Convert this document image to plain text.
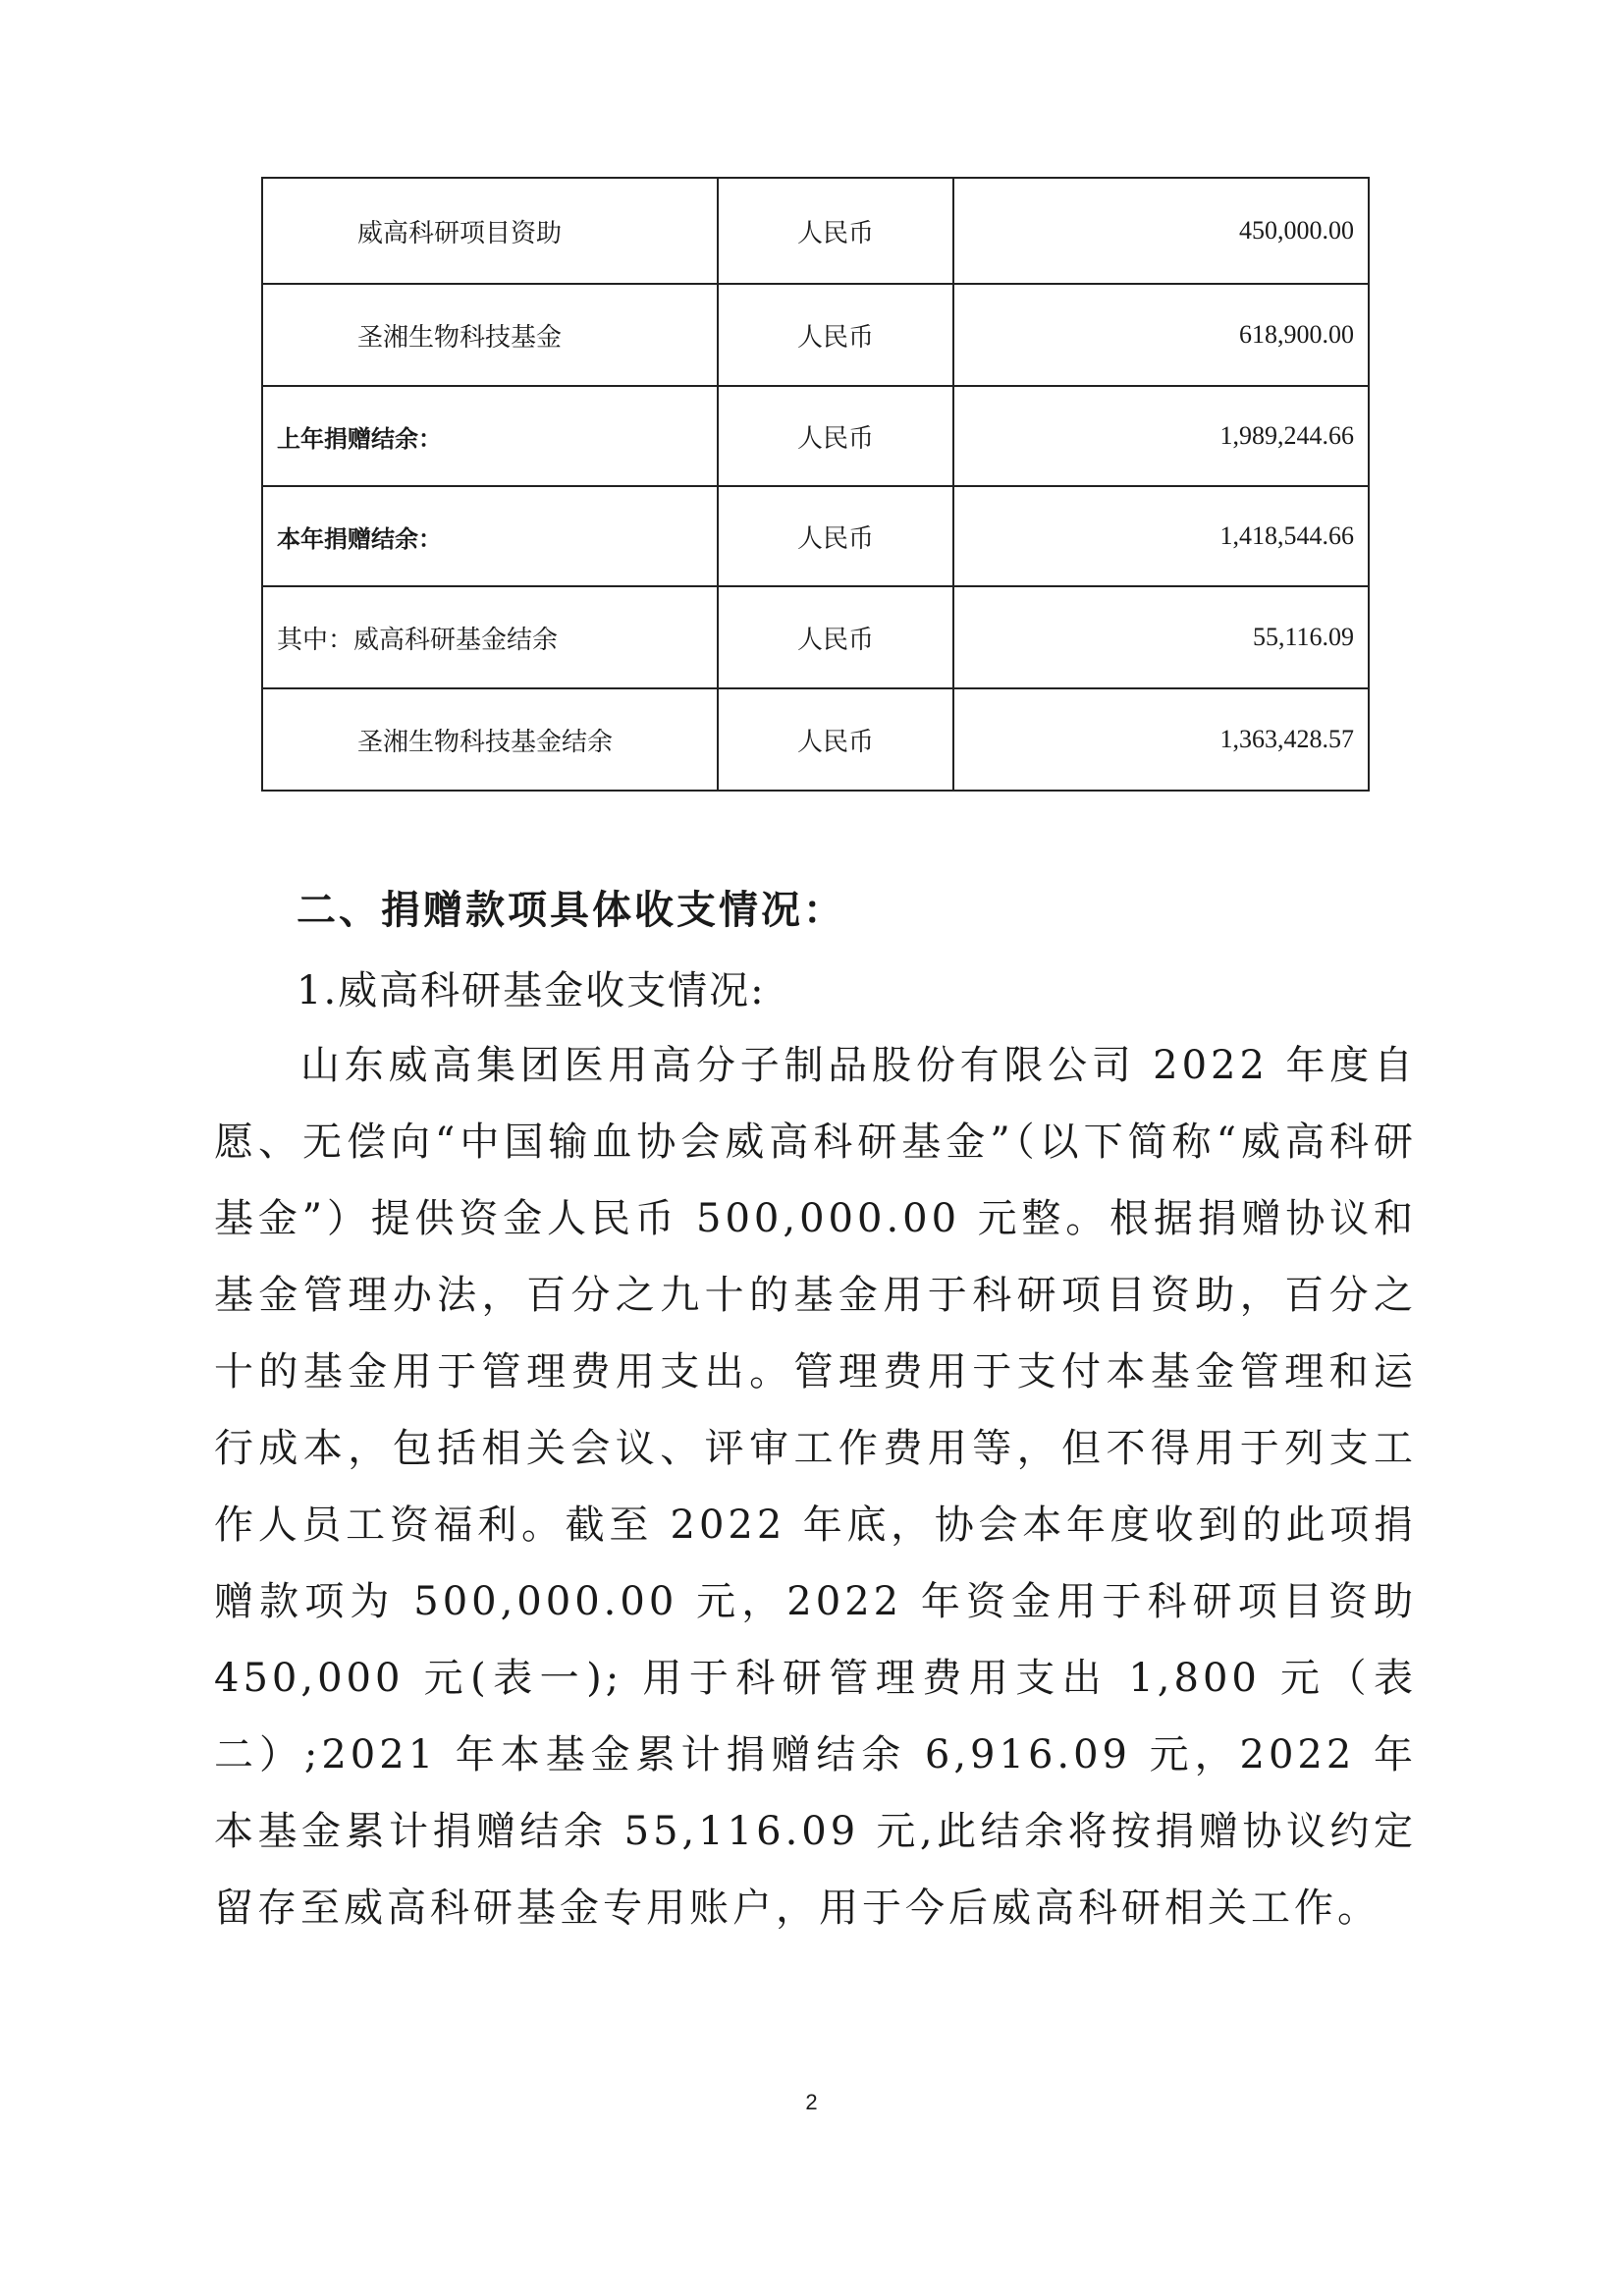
威高科研项目资助	人民币	450,000.00
圣湘生物科技基金	人民币	618,900.00
上年捐赠结余：	人民币	1,989,244.66
本年捐赠结余：	人民币	1,418,544.66
其中：威高科研基金结余	人民币	55,116.09
圣湘生物科技基金结余	人民币	1,363,428.57
二、捐赠款项具体收支情况：
1.威高科研基金收支情况:

山东威高集团医用高分子制品股份有限公司 2022 年度自愿、无偿向“中国输血协会威高科研基金”（以下简称“威高科研基金”）提供资金人民币 500,000.00 元整。根据捐赠协议和基金管理办法，百分之九十的基金用于科研项目资助，百分之十的基金用于管理费用支出。管理费用于支付本基金管理和运行成本，包括相关会议、评审工作费用等，但不得用于列支工作人员工资福利。截至 2022 年底，协会本年度收到的此项捐赠款项为 500,000.00 元，2022 年资金用于科研项目资助 450,000 元(表一); 用于科研管理费用支出 1,800 元（表二）;2021 年本基金累计捐赠结余 6,916.09 元，2022 年本基金累计捐赠结余 55,116.09 元,此结余将按捐赠协议约定留存至威高科研基金专用账户，用于今后威高科研相关工作。

2
